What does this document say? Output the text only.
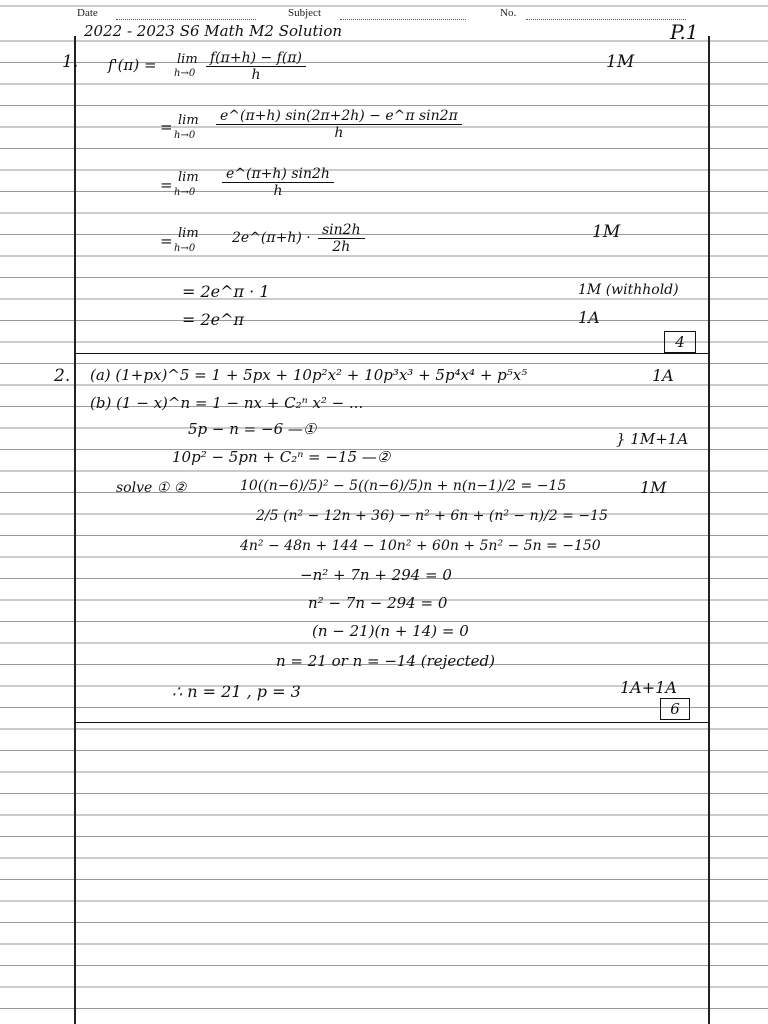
Date	Subject	No.
2022 - 2023 S6 Math M2 Solution	P.1
1. f'(π) = lim
$h\to 0 \frac{f(\pi+h) - f(\pi)}{h}$	1M
= lim
$h\to 0 \frac{\text{e\textasciicircum{}(π+h) sin(2π+2h) − e\textasciicircum{}π sin2π}}{h}$
= lim
$h\to 0 \frac{e\^{}(\pi+h) \sin 2h}{h}$
= lim
h→0
2e^(π+h) · $\frac{\sin 2h}{2h}$	1M
= 2e^π · 1	1M (withhold)
= 2e^π	1A
4
2. (a) (1+px)^5 = 1 + 5px + 10p²x² + 10p³x³ + 5p⁴x⁴ + p⁵x⁵	1A
(b) (1 − x)^n = 1 − nx + C₂ⁿ x² − ...
5p − n = −6 —①
10p² − 5pn + C₂ⁿ = −15 —②
} 1M+1A
solve ① ②	10((n−6)/5)² − 5((n−6)/5)n + n(n−1)/2 = −15	1M
2/5 (n² − 12n + 36) − n² + 6n + (n² − n)/2 = −15
4n² − 48n + 144 − 10n² + 60n + 5n² − 5n = −150
−n² + 7n + 294 = 0
n² − 7n − 294 = 0
(n − 21)(n + 14) = 0
n = 21 or n = −14 (rejected)
∴ n = 21 , p = 3	1A+1A
6
